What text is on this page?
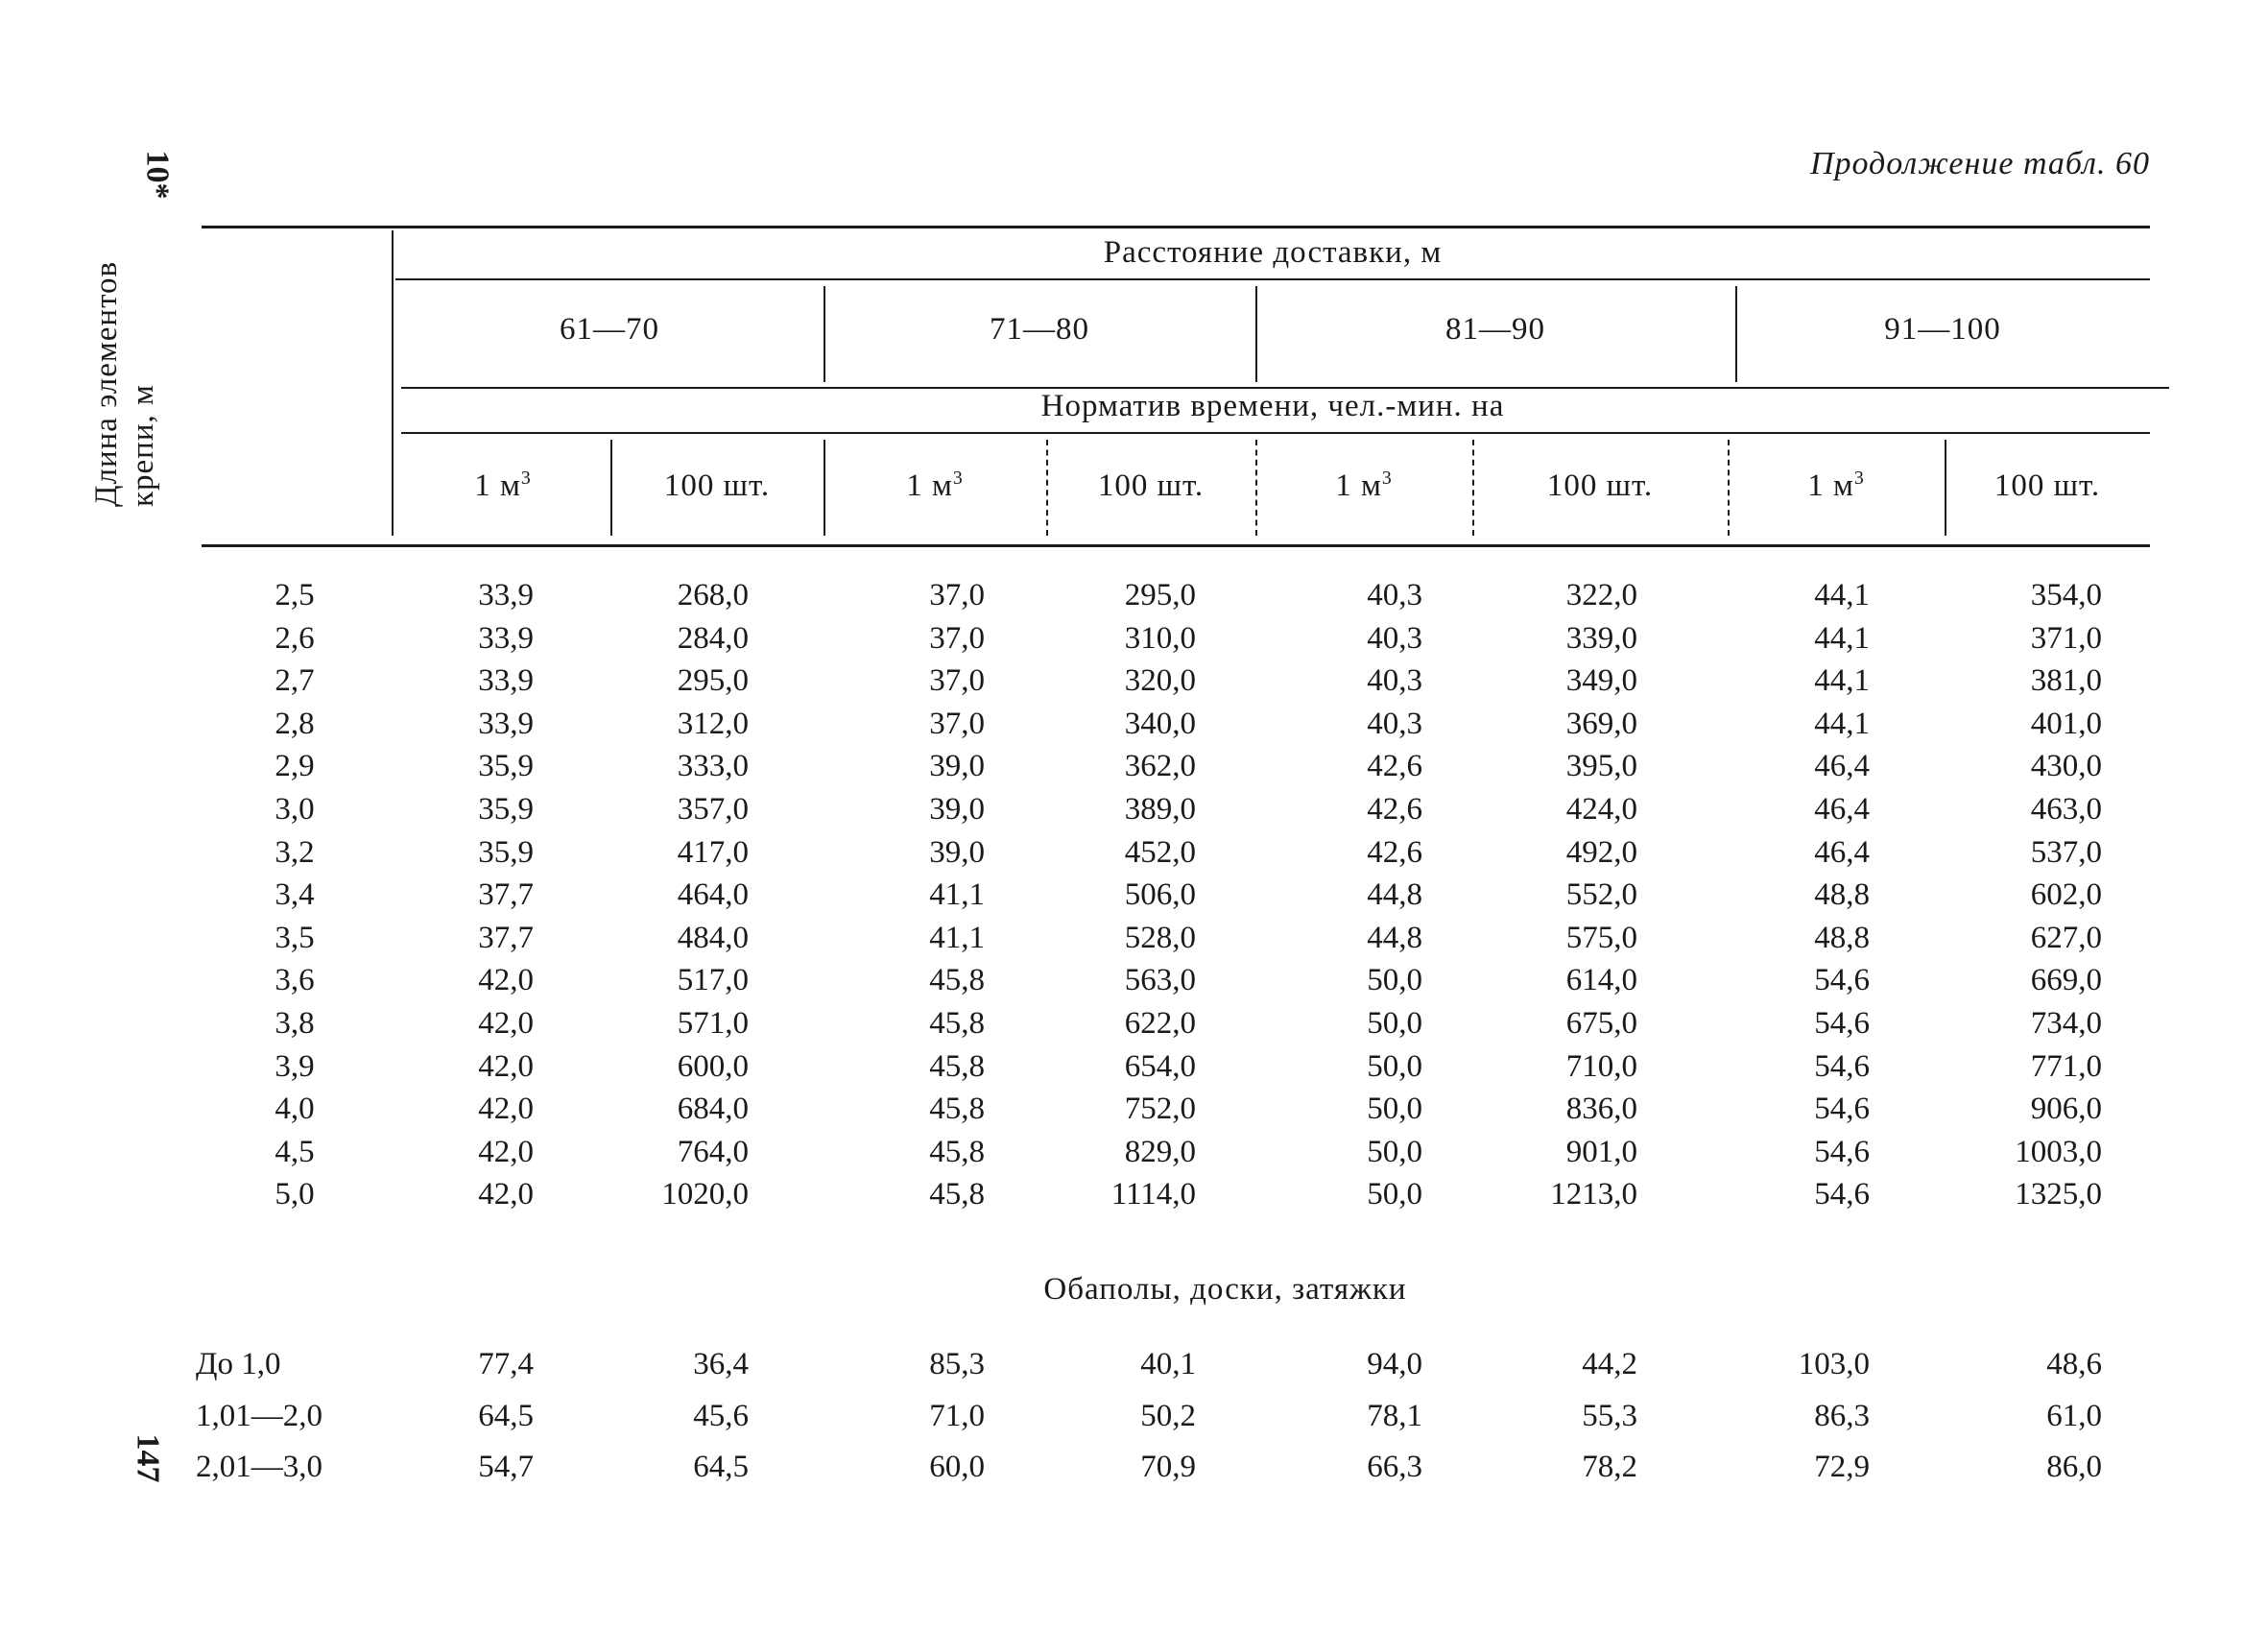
Продолжение табл. 60
10*
147
Длина элементов крепи, м
Расстояние доставки, м
61—70	71—80	81—90	91—100
Норматив времени, чел.-мин. на
1 $м^3$	100 шт.	1 $м^3$	100 шт.	1 $м^3$	100 шт.	1 $м^3$	100 шт.
2,5	33,9	268,0	37,0	295,0	40,3	322,0	44,1	354,0
2,6	33,9	284,0	37,0	310,0	40,3	339,0	44,1	371,0
2,7	33,9	295,0	37,0	320,0	40,3	349,0	44,1	381,0
2,8	33,9	312,0	37,0	340,0	40,3	369,0	44,1	401,0
2,9	35,9	333,0	39,0	362,0	42,6	395,0	46,4	430,0
3,0	35,9	357,0	39,0	389,0	42,6	424,0	46,4	463,0
3,2	35,9	417,0	39,0	452,0	42,6	492,0	46,4	537,0
3,4	37,7	464,0	41,1	506,0	44,8	552,0	48,8	602,0
3,5	37,7	484,0	41,1	528,0	44,8	575,0	48,8	627,0
3,6	42,0	517,0	45,8	563,0	50,0	614,0	54,6	669,0
3,8	42,0	571,0	45,8	622,0	50,0	675,0	54,6	734,0
3,9	42,0	600,0	45,8	654,0	50,0	710,0	54,6	771,0
4,0	42,0	684,0	45,8	752,0	50,0	836,0	54,6	906,0
4,5	42,0	764,0	45,8	829,0	50,0	901,0	54,6	1003,0
5,0	42,0	1020,0	45,8	1114,0	50,0	1213,0	54,6	1325,0
Обаполы, доски, затяжки
До 1,0	77,4	36,4	85,3	40,1	94,0	44,2	103,0	48,6
1,01—2,0	64,5	45,6	71,0	50,2	78,1	55,3	86,3	61,0
2,01—3,0	54,7	64,5	60,0	70,9	66,3	78,2	72,9	86,0
